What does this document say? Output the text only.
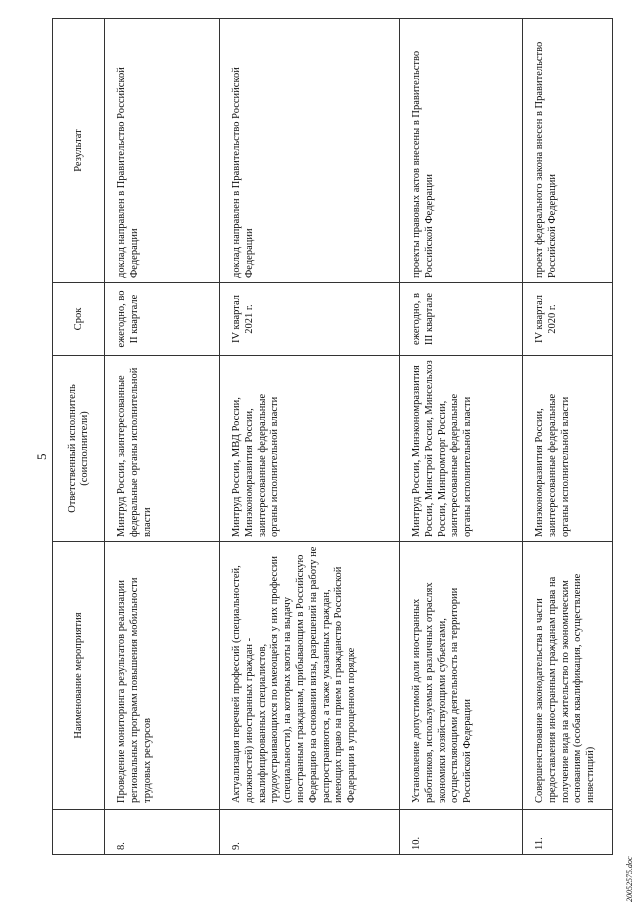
5
	Наименование мероприятия	Ответственный исполнитель (соисполнители)	Срок	Результат
8.	Проведение мониторинга результатов реализации региональных программ повышения мобильности трудовых ресурсов	Минтруд России, заинтересованные федеральные органы исполнительной власти	ежегодно, во II квартале	доклад направлен в Правительство Российской Федерации
9.	Актуализация перечней профессий (специальностей, должностей) иностранных граждан - квалифицированных специалистов, трудоустраивающихся по имеющейся у них профессии (специальности), на которых квоты на выдачу иностранным гражданам, прибывающим в Российскую Федерацию на основании визы, разрешений на работу не распространяются, а также указанных граждан, имеющих право на прием в гражданство Российской Федерации в упрощенном порядке	Минтруд России, МВД России, Минэкономразвития России, заинтересованные федеральные органы исполнительной власти	IV квартал 2021 г.	доклад направлен в Правительство Российской Федерации
10.	Установление допустимой доли иностранных работников, используемых в различных отраслях экономики хозяйствующими субъектами, осуществляющими деятельность на территории Российской Федерации	Минтруд России, Минэкономразвития России, Минстрой России, Минсельхоз России, Минпромторг России, заинтересованные федеральные органы исполнительной власти	ежегодно, в III квартале	проекты правовых актов внесены в Правительство Российской Федерации
11.	Совершенствование законодательства в части предоставления иностранным гражданам права на получение вида на жительство по экономическим основаниям (особая квалификация, осуществление инвестиций)	Минэкономразвития России, заинтересованные федеральные органы исполнительной власти	IV квартал 2020 г.	проект федерального закона внесен в Правительство Российской Федерации
20052575.doc
